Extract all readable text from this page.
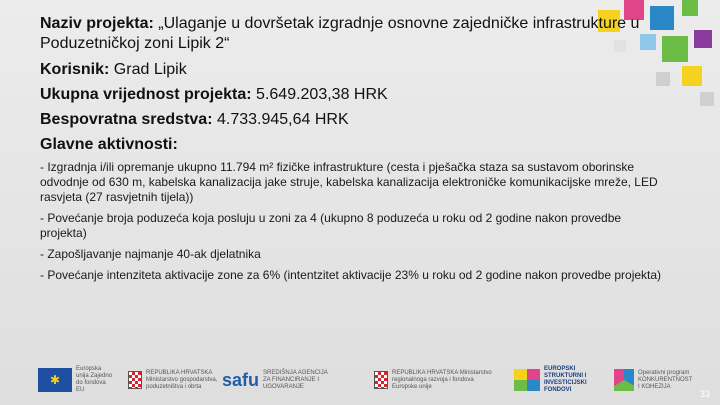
Naziv projekta: „Ulaganje u dovršetak izgradnje osnovne zajedničke infrastrukture u Poduzetničkoj zoni Lipik 2“
Korisnik: Grad Lipik
Ukupna vrijednost projekta: 5.649.203,38 HRK
Bespovratna sredstva: 4.733.945,64 HRK
Glavne aktivnosti:

- Izgradnja i/ili opremanje ukupno 11.794 m² fizičke infrastrukture (cesta i pješačka staza sa sustavom oborinske odvodnje od 630 m, kabelska kanalizacija jake struje, kabelska kanalizacija elektroničke komunikacijske mreže, LED rasvjeta (27 rasvjetnih tijela))

- Povećanje broja poduzeća koja posluju u zoni za 4 (ukupno 8 poduzeća u roku od 2 godine nakon provedbe projekta)

- Zapošljavanje najmanje 40-ak djelatnika

- Povećanje intenziteta aktivacije zone za 6% (intentzitet aktivacije 23% u roku od 2 godine nakon provedbe projekta)

✱
Europska unija Zajedno do fondova EU
REPUBLIKA HRVATSKA Ministarstvo gospodarstva, poduzetništva i obrta	safu SREDIŠNJA AGENCIJA ZA FINANCIRANJE I UGOVARANJE
REPUBLIKA HRVATSKA Ministarstvo regionalnoga razvoja i fondova Europske unije
EUROPSKI STRUKTURNI I INVESTICIJSKI FONDOVI
Operativni program KONKURENTNOST I KOHEZIJA
33
